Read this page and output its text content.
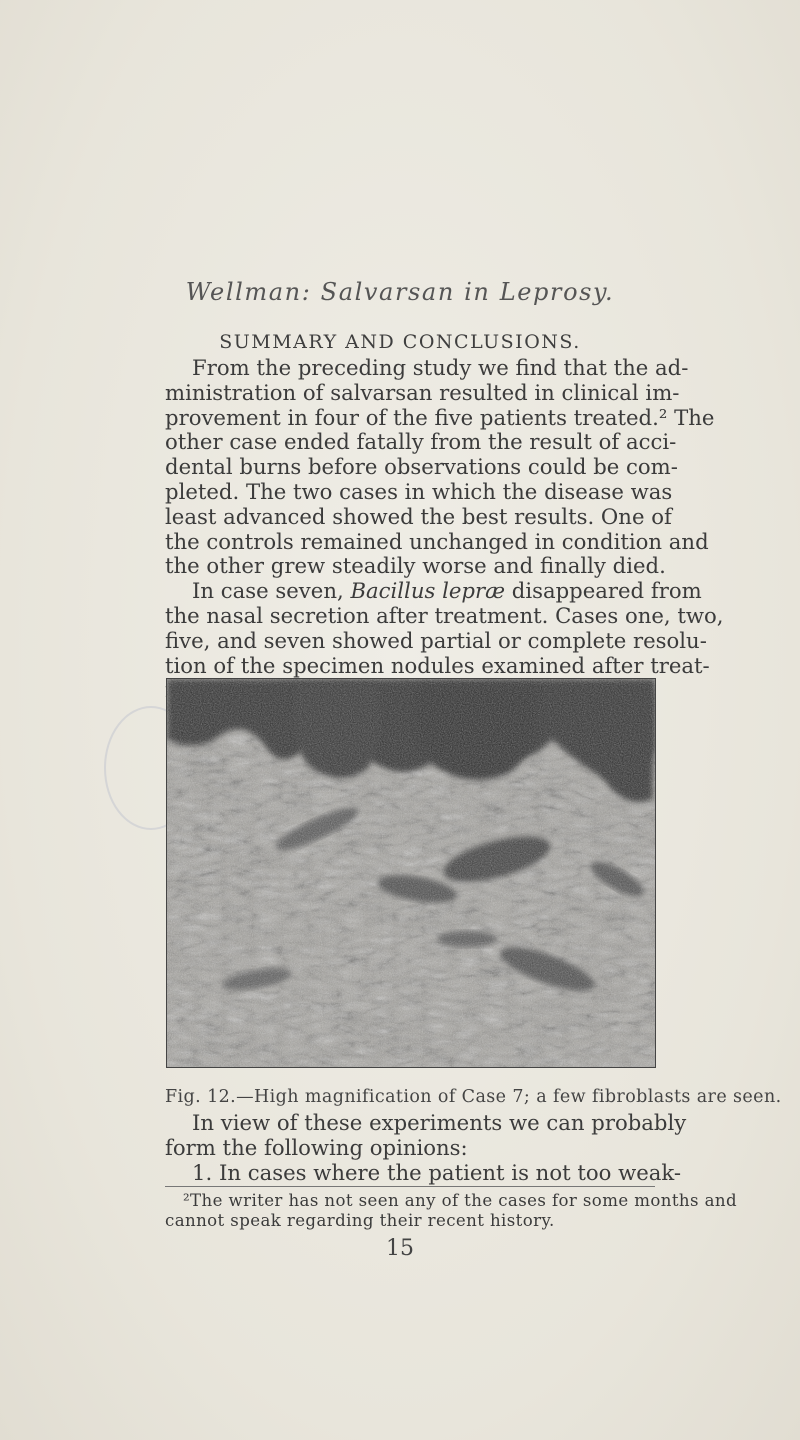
Wellman: Salvarsan in Leprosy.
SUMMARY AND CONCLUSIONS.
From the preceding study we find that the ad-
ministration of salvarsan resulted in clinical im-
provement in four of the five patients treated.² The
other case ended fatally from the result of acci-
dental burns before observations could be com-
pleted. The two cases in which the disease was
least advanced showed the best results. One of
the controls remained unchanged in condition and
the other grew steadily worse and finally died.
In case seven, Bacillus lepræ disappeared from
the nasal secretion after treatment. Cases one, two,
five, and seven showed partial or complete resolu-
tion of the specimen nodules examined after treat-
Fig. 12.—High magnification of Case 7; a few fibroblasts are seen.
In view of these experiments we can probably
form the following opinions:
1. In cases where the patient is not too weak-
²The writer has not seen any of the cases for some months and
cannot speak regarding their recent history.
15
